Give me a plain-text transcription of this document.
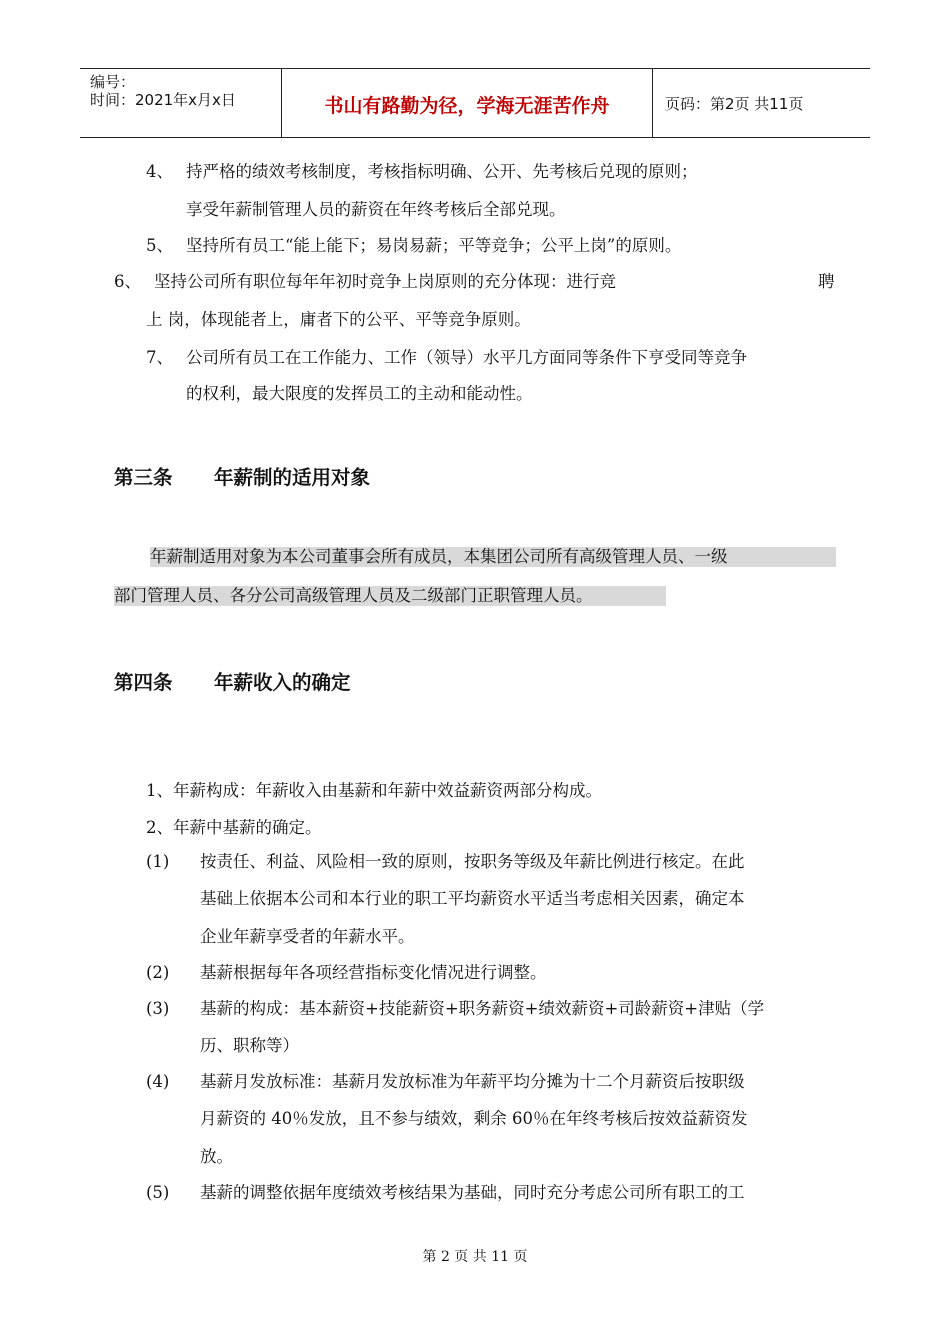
编号：
时间：2021年x月x日	书山有路勤为径，学海无涯苦作舟	页码：第2页 共11页
4、 持严格的绩效考核制度，考核指标明确、公开、先考核后兑现的原则；
享受年薪制管理人员的薪资在年终考核后全部兑现。
5、 坚持所有员工“能上能下；易岗易薪；平等竞争；公平上岗”的原则。
6、 坚持公司所有职位每年年初时竞争上岗原则的充分体现：进行竞	聘
上 岗，体现能者上，庸者下的公平、平等竞争原则。
7、 公司所有员工在工作能力、工作（领导）水平几方面同等条件下亨受同等竞争
的权利，最大限度的发挥员工的主动和能动性。
第三条 年薪制的适用对象
年薪制适用对象为本公司董事会所有成员，本集团公司所有高级管理人员、一级
部门管理人员、各分公司高级管理人员及二级部门正职管理人员。
第四条 年薪收入的确定
1、年薪构成：年薪收入由基薪和年薪中效益薪资两部分构成。
2、年薪中基薪的确定。
(1) 按责任、利益、风险相一致的原则，按职务等级及年薪比例进行核定。在此
基础上依据本公司和本行业的职工平均薪资水平适当考虑相关因素，确定本
企业年薪享受者的年薪水平。
(2) 基薪根据每年各项经营指标变化情况进行调整。
(3) 基薪的构成：基本薪资+技能薪资+职务薪资+绩效薪资+司龄薪资+津贴（学
历、职称等）
(4) 基薪月发放标准：基薪月发放标准为年薪平均分摊为十二个月薪资后按职级
月薪资的 40％发放，且不参与绩效，剩余 60％在年终考核后按效益薪资发
放。
(5) 基薪的调整依据年度绩效考核结果为基础，同时充分考虑公司所有职工的工
第 2 页 共 11 页
